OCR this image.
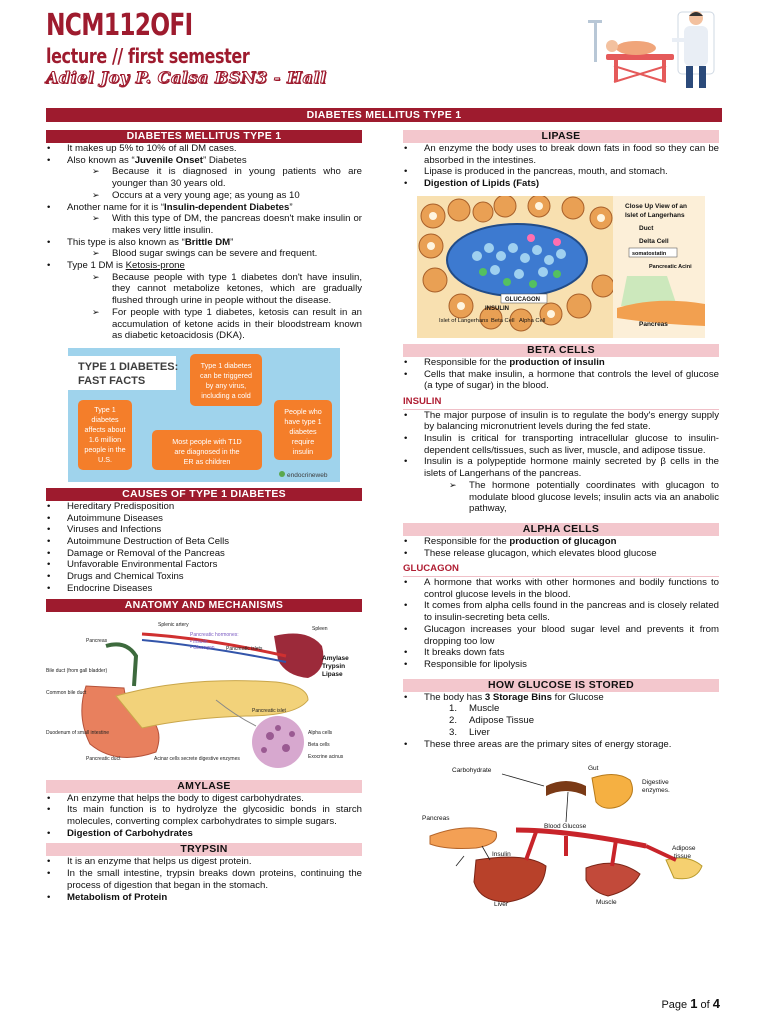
NCM112OFI
lecture // first semester
Adiel Joy P. Calsa BSN3 - Hall
DIABETES MELLITUS TYPE 1
DIABETES MELLITUS TYPE 1
• It makes up 5% to 10% of all DM cases.
• Also known as “Juvenile Onset” Diabetes
➢ Because it is diagnosed in young patients who are younger than 30 years old.
➢ Occurs at a very young age; as young as 10
• Another name for it is “Insulin-dependent Diabetes”
➢ With this type of DM, the pancreas doesn't make insulin or makes very little insulin.
• This type is also known as “Brittle DM”
➢ Blood sugar swings can be severe and frequent.
• Type 1 DM is Ketosis-prone
➢ Because people with type 1 diabetes don't have insulin, they cannot metabolize ketones, which are gradually flushed through urine in people without the disease.
➢ For people with type 1 diabetes, ketosis can result in an accumulation of ketone acids in their bloodstream known as diabetic ketoacidosis (DKA).
TYPE 1 DIABETES:
FAST FACTS
Type 1 diabetes can be triggered by any virus, including a cold
Type 1 diabetes affects about 1.6 million people in the U.S.
Most people with T1D are diagnosed in the ER as children
People who have type 1 diabetes require insulin
endocrineweb
CAUSES OF TYPE 1 DIABETES
• Hereditary Predisposition
• Autoimmune Diseases
• Viruses and Infections
• Autoimmune Destruction of Beta Cells
• Damage or Removal of the Pancreas
• Unfavorable Environmental Factors
• Drugs and Chemical Toxins
• Endocrine Diseases
ANATOMY AND MECHANISMS
Splenic artery
Pancreatic hormones:
• Insulin
• Glucagon Pancreatic islets
Spleen
Pancreas
Bile duct (from gall bladder)
Common bile duct
Duodenum of small intestine
Pancreatic duct	Acinar cells secrete digestive enzymes
Pancreatic islet
Alpha cells
Beta cells
Exocrine acinus
Amylase
Trypsin
Lipase
AMYLASE
• An enzyme that helps the body to digest carbohydrates.
• Its main function is to hydrolyze the glycosidic bonds in starch molecules, converting complex carbohydrates to simple sugars.
• Digestion of Carbohydrates
TRYPSIN
• It is an enzyme that helps us digest protein.
• In the small intestine, trypsin breaks down proteins, continuing the process of digestion that began in the stomach.
• Metabolism of Protein
LIPASE
• An enzyme the body uses to break down fats in food so they can be absorbed in the intestines.
• Lipase is produced in the pancreas, mouth, and stomach.
• Digestion of Lipids (Fats)
Close Up View of an
Islet of Langerhans
Duct
Delta Cell
somatostatin
Pancreatic Acini
Pancreas
GLUCAGON
INSULIN
Islet of Langerhans Beta Cell Alpha Cell
BETA CELLS
• Responsible for the production of insulin
• Cells that make insulin, a hormone that controls the level of glucose (a type of sugar) in the blood.
INSULIN
• The major purpose of insulin is to regulate the body's energy supply by balancing micronutrient levels during the fed state.
• Insulin is critical for transporting intracellular glucose to insulin-dependent cells/tissues, such as liver, muscle, and adipose tissue.
• Insulin is a polypeptide hormone mainly secreted by β cells in the islets of Langerhans of the pancreas.
➢ The hormone potentially coordinates with glucagon to modulate blood glucose levels; insulin acts via an anabolic pathway,
ALPHA CELLS
• Responsible for the production of glucagon
• These release glucagon, which elevates blood glucose
GLUCAGON
• A hormone that works with other hormones and bodily functions to control glucose levels in the blood.
• It comes from alpha cells found in the pancreas and is closely related to insulin-secreting beta cells.
• Glucagon increases your blood sugar level and prevents it from dropping too low
• It breaks down fats
• Responsible for lipolysis
HOW GLUCOSE IS STORED
• The body has 3 Storage Bins for Glucose
1. Muscle
2. Adipose Tissue
3. Liver
• These three areas are the primary sites of energy storage.
Carbohydrate	Gut
Digestive
enzymes.
Pancreas
Blood Glucose
Insulin
Adipose
tissue
Liver	Muscle
Page 1 of 4
